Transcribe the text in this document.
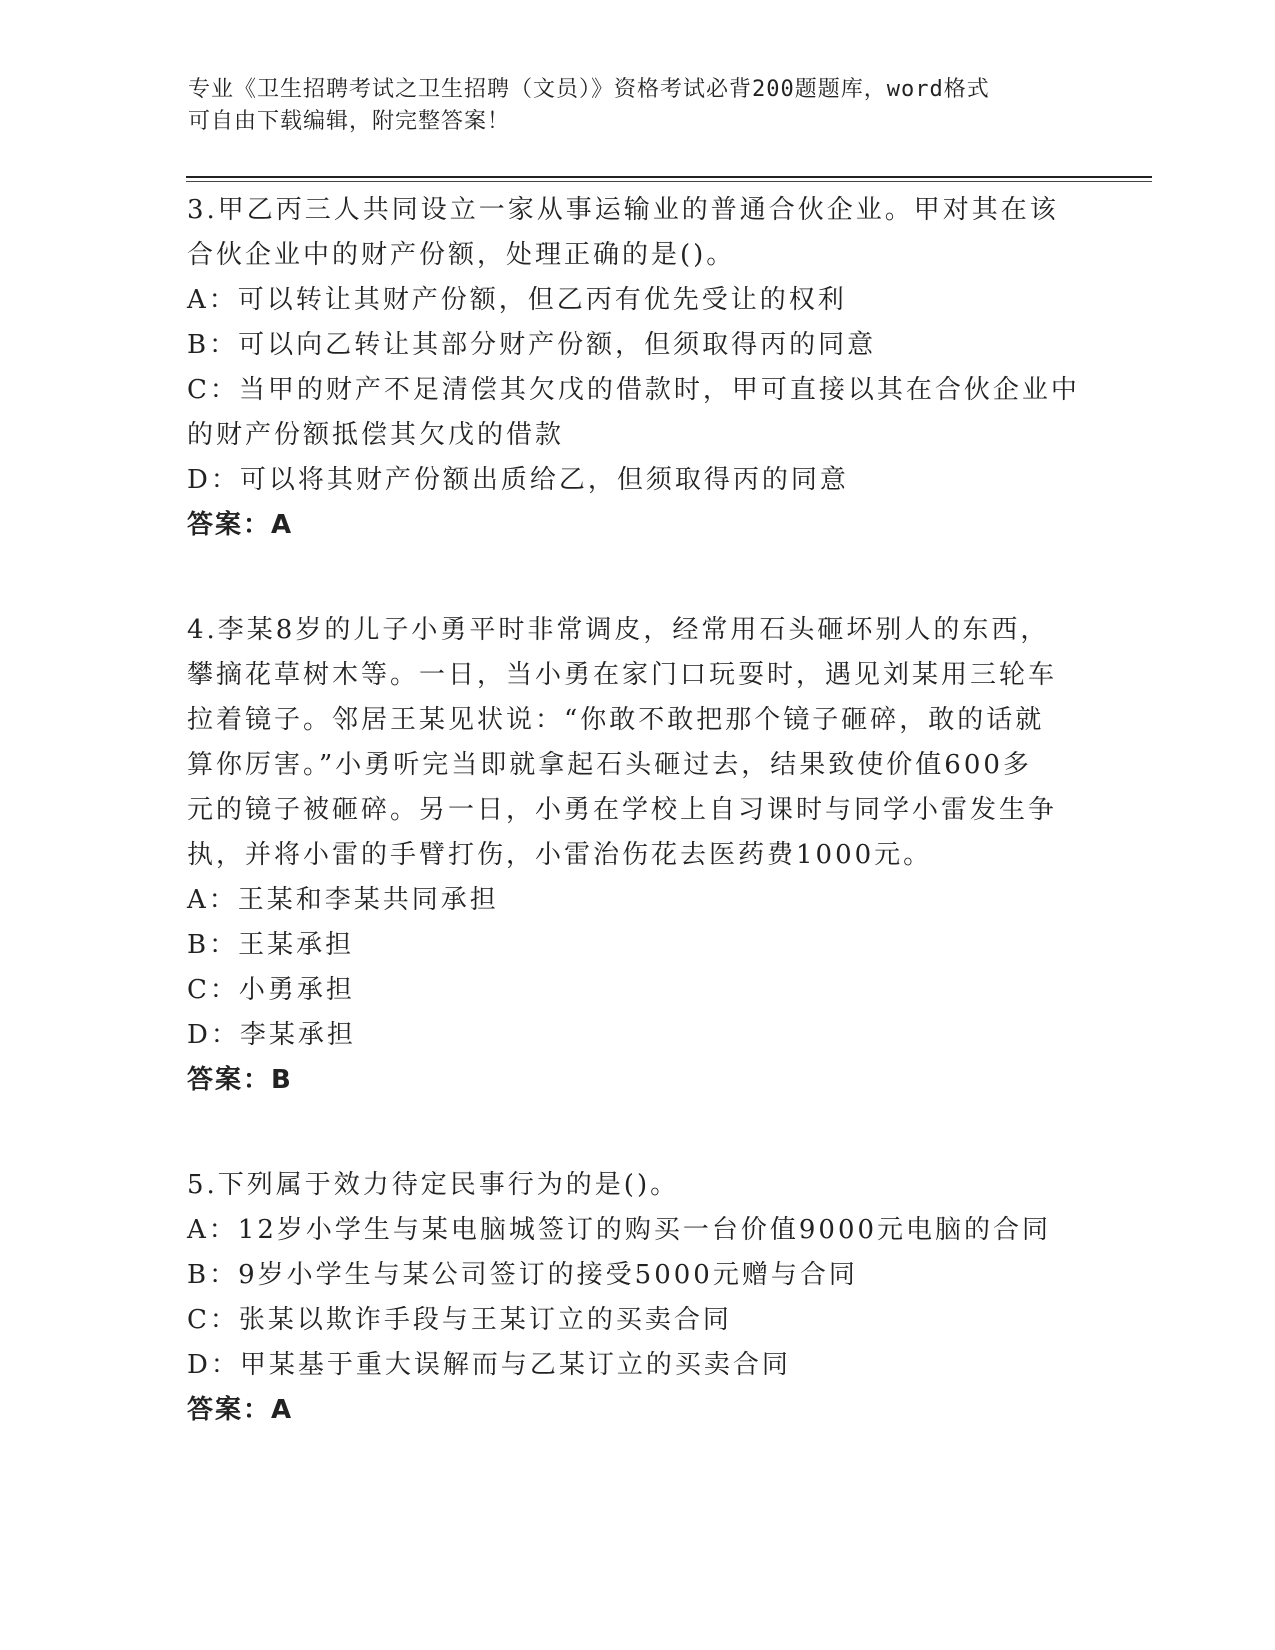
专业《卫生招聘考试之卫生招聘（文员）》资格考试必背200题题库，word格式
可自由下载编辑，附完整答案！
3.甲乙丙三人共同设立一家从事运输业的普通合伙企业。甲对其在该
合伙企业中的财产份额，处理正确的是()。
A：可以转让其财产份额，但乙丙有优先受让的权利
B：可以向乙转让其部分财产份额，但须取得丙的同意
C：当甲的财产不足清偿其欠戊的借款时，甲可直接以其在合伙企业中
的财产份额抵偿其欠戊的借款
D：可以将其财产份额出质给乙，但须取得丙的同意
答案：A
4.李某8岁的儿子小勇平时非常调皮，经常用石头砸坏别人的东西，
攀摘花草树木等。一日，当小勇在家门口玩耍时，遇见刘某用三轮车
拉着镜子。邻居王某见状说：“你敢不敢把那个镜子砸碎，敢的话就
算你厉害。”小勇听完当即就拿起石头砸过去，结果致使价值600多
元的镜子被砸碎。另一日，小勇在学校上自习课时与同学小雷发生争
执，并将小雷的手臂打伤，小雷治伤花去医药费1000元。
A：王某和李某共同承担
B：王某承担
C：小勇承担
D：李某承担
答案：B
5.下列属于效力待定民事行为的是()。
A：12岁小学生与某电脑城签订的购买一台价值9000元电脑的合同
B：9岁小学生与某公司签订的接受5000元赠与合同
C：张某以欺诈手段与王某订立的买卖合同
D：甲某基于重大误解而与乙某订立的买卖合同
答案：A
